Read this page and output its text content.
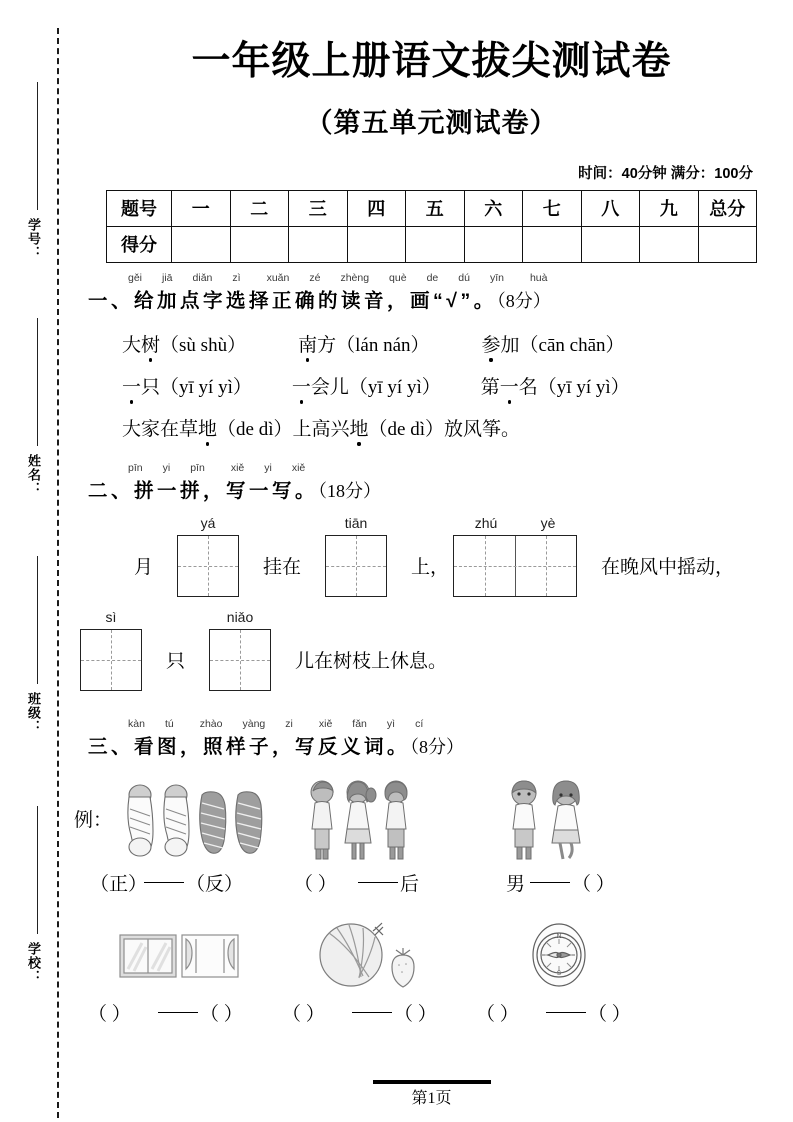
学号：
姓名：
班级：
学校：
一年级上册语文拔尖测试卷
（第五单元测试卷）
时间：40分钟 满分：100分
题号	一	二	三	四	五	六	七	八	九	总分
得分										
gěi jiā diǎn zì xuǎn zé zhèng què de dú yīn huà
一、给加点字选择正确的读音，画“√”。（8分）
大树（sù shù）	南方（lán nán）	参加（cān chān）
一只（yī yí yì） 一会儿（yī yí yì） 第一名（yī yí yì）
大家在草地（de dì）上高兴地（de dì）放风筝。
pīn yi pīn xiě yi xiě
二、拼一拼，写一写。（18分）
月
yá
挂在
tiān
上，
zhú	yè
在晚风中摇动，
sì
只
niǎo
儿在树枝上休息。
kàn tú zhào yàng zi xiě fǎn yì cí
三、看图，照样子，写反义词。（8分）
例：
（正） （反）	（ ）	后	男 （ ）
N
S
（ ）	（ ） （ ）	（ ） （ ）	（ ）
第1页
